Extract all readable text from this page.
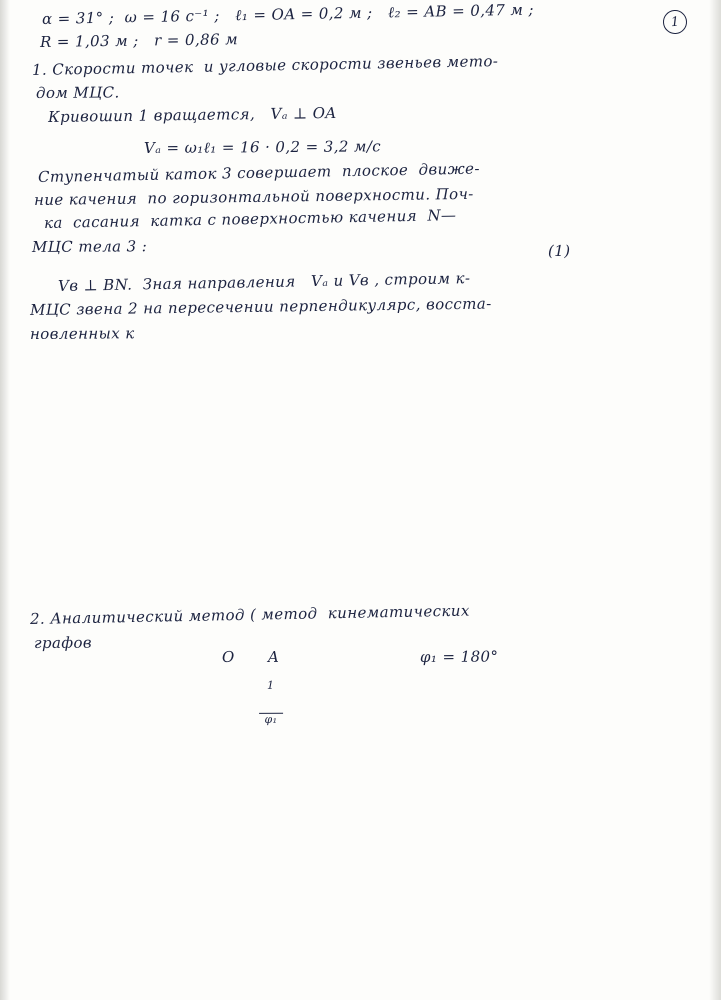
1
α = 31° ;  ω = 16 c⁻¹ ;   ℓ₁ = OA = 0,2 м ;   ℓ₂ = AB = 0,47 м ;
R = 1,03 м ;   r = 0,86 м
1. Скорости точек  и угловые скорости звеньев мето-
дом МЦС.
Кривошип 1 вращается,   Vₐ ⊥ OA
Vₐ = ω₁ℓ₁ = 16 · 0,2 = 3,2 м/с
Ступенчатый каток 3 совершает  плоское  движе-
ние качения  по горизонтальной поверхности. Поч-
ка  сасания  катка с поверхностью качения  N—
МЦС тела 3 :	(1)
Vв ⊥ BN.  Зная направления   Vₐ и Vв , строим к-
МЦС звена 2 на пересечении перпендикулярс, восста-
новленных к
2. Аналитический метод ( метод  кинематических
графов
O

$\frac{1}{\text{φ₁}}$

A	φ₁ = 180°
